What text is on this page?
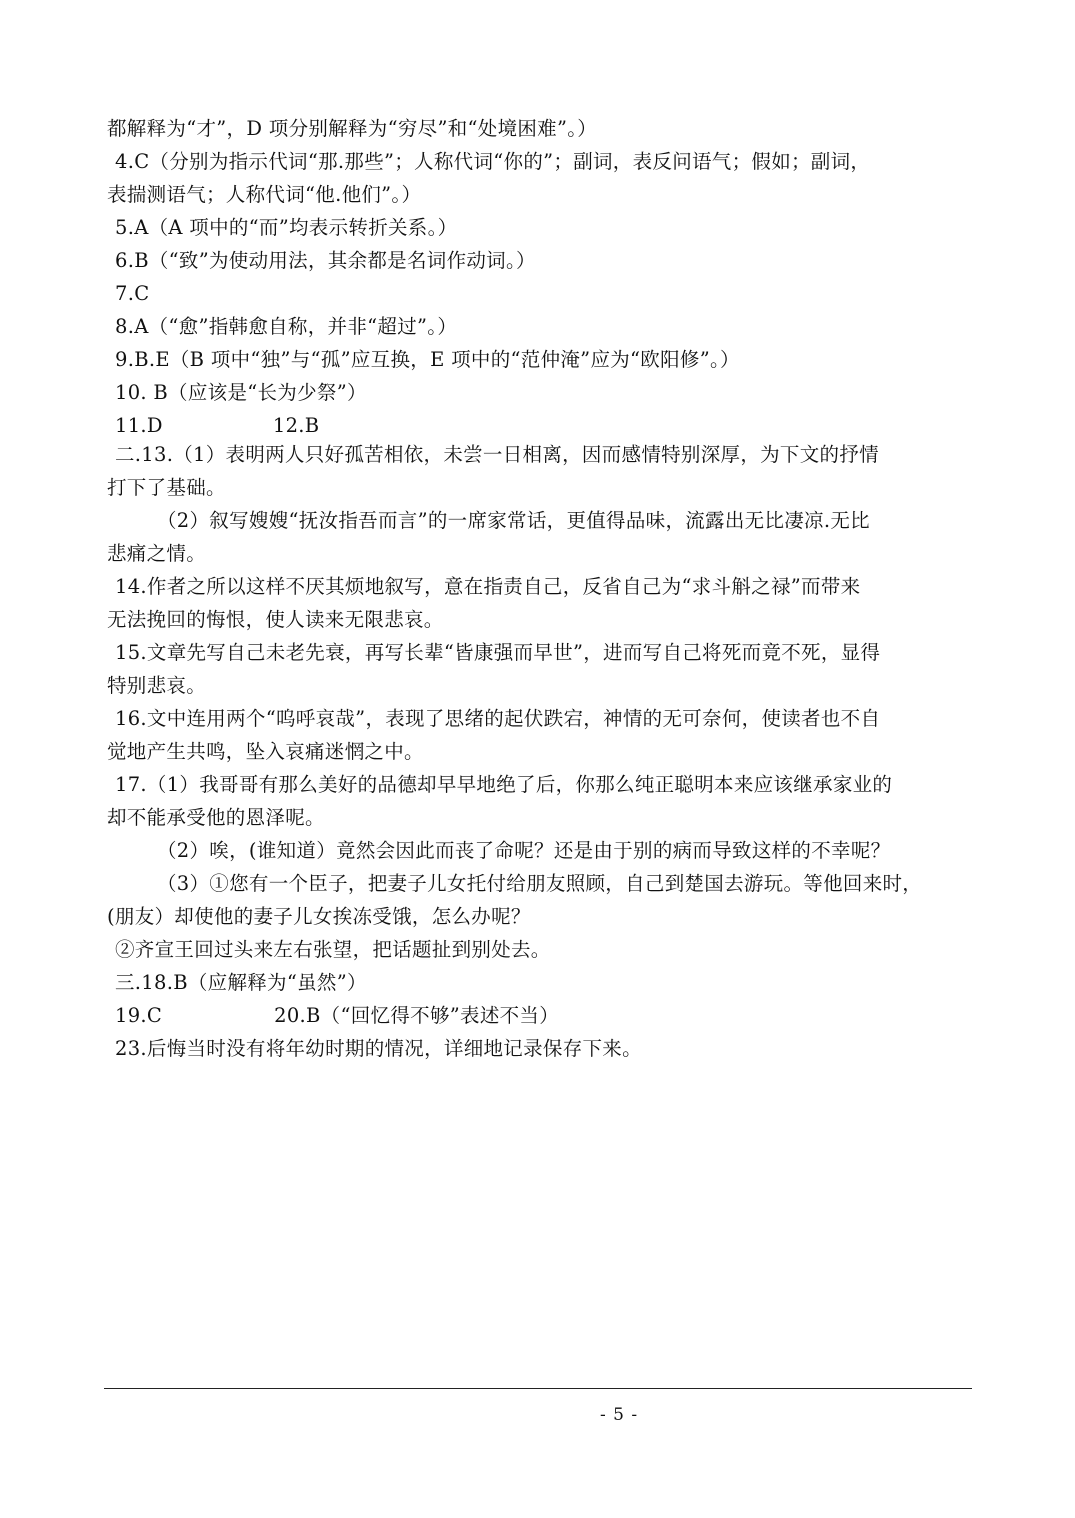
都解释为“才”，D 项分别解释为“穷尽”和“处境困难”。）
4.C（分别为指示代词“那.那些”；人称代词“你的”；副词，表反问语气；假如；副词，
表揣测语气；人称代词“他.他们”。）
5.A（A 项中的“而”均表示转折关系。）
6.B（“致”为使动用法，其余都是名词作动词。）
7.C
8.A（“愈”指韩愈自称，并非“超过”。）
9.B.E（B 项中“独”与“孤”应互换，E 项中的“范仲淹”应为“欧阳修”。）
10. B（应该是“长为少祭”）
11.D	12.B
二.13.（1）表明两人只好孤苦相依，未尝一日相离，因而感情特别深厚，为下文的抒情
打下了基础。
（2）叙写嫂嫂“抚汝指吾而言”的一席家常话，更值得品味，流露出无比凄凉.无比
悲痛之情。
14.作者之所以这样不厌其烦地叙写，意在指责自己，反省自己为“求斗斛之禄”而带来
无法挽回的悔恨，使人读来无限悲哀。
15.文章先写自己未老先衰，再写长辈“皆康强而早世”，进而写自己将死而竟不死，显得
特别悲哀。
16.文中连用两个“呜呼哀哉”，表现了思绪的起伏跌宕，神情的无可奈何，使读者也不自
觉地产生共鸣，坠入哀痛迷惘之中。
17.（1）我哥哥有那么美好的品德却早早地绝了后，你那么纯正聪明本来应该继承家业的
却不能承受他的恩泽呢。
（2）唉，(谁知道）竟然会因此而丧了命呢？还是由于别的病而导致这样的不幸呢？
（3）①您有一个臣子，把妻子儿女托付给朋友照顾，自己到楚国去游玩。等他回来时，
(朋友）却使他的妻子儿女挨冻受饿，怎么办呢？
②齐宣王回过头来左右张望，把话题扯到别处去。
三.18.B（应解释为“虽然”）
19.C	20.B（“回忆得不够”表述不当）
23.后悔当时没有将年幼时期的情况，详细地记录保存下来。
- 5 -
